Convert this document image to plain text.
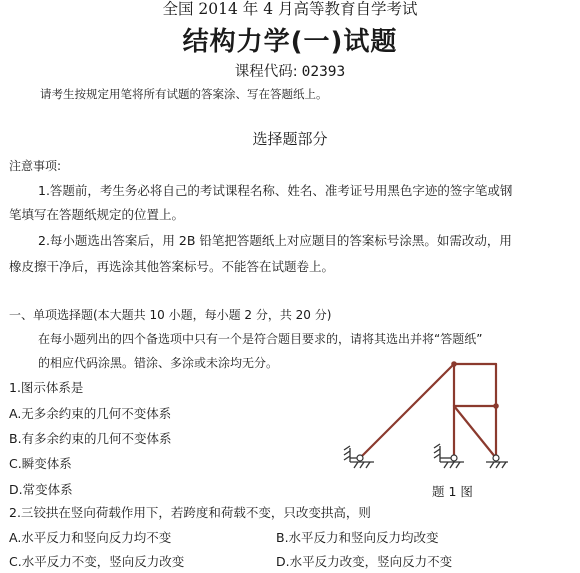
全国 2014 年 4 月高等教育自学考试
结构力学(一)试题
课程代码: 02393
请考生按规定用笔将所有试题的答案涂、写在答题纸上。
选择题部分
注意事项:
1.答题前，考生务必将自己的考试课程名称、姓名、准考证号用黑色字迹的签字笔或钢
笔填写在答题纸规定的位置上。
2.每小题选出答案后，用 2B 铅笔把答题纸上对应题目的答案标号涂黑。如需改动，用
橡皮擦干净后，再选涂其他答案标号。不能答在试题卷上。
一、单项选择题(本大题共 10 小题，每小题 2 分，共 20 分)
在每小题列出的四个备选项中只有一个是符合题目要求的，请将其选出并将“答题纸”
的相应代码涂黑。错涂、多涂或未涂均无分。
1.图示体系是
A.无多余约束的几何不变体系
B.有多余约束的几何不变体系
C.瞬变体系
D.常变体系	题 1 图
2.三铰拱在竖向荷载作用下，若跨度和荷载不变，只改变拱高，则
A.水平反力和竖向反力均不变	B.水平反力和竖向反力均改变
C.水平反力不变，竖向反力改变	D.水平反力改变，竖向反力不变
